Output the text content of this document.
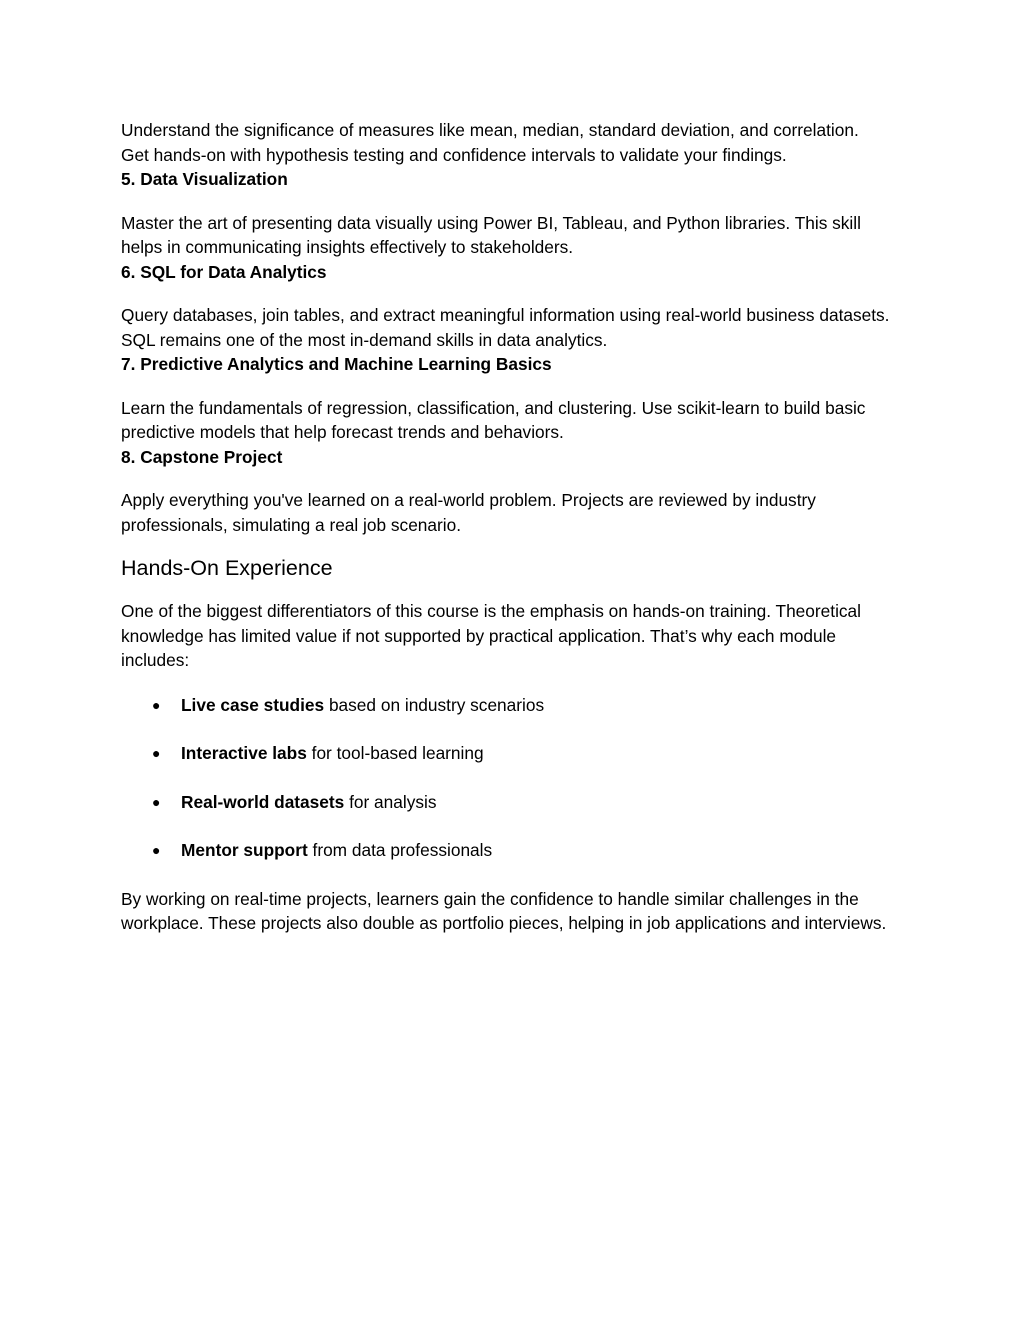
Understand the significance of measures like mean, median, standard deviation, and correlation. Get hands-on with hypothesis testing and confidence intervals to validate your findings.

5. Data Visualization

Master the art of presenting data visually using Power BI, Tableau, and Python libraries. This skill helps in communicating insights effectively to stakeholders.

6. SQL for Data Analytics

Query databases, join tables, and extract meaningful information using real-world business datasets. SQL remains one of the most in-demand skills in data analytics.

7. Predictive Analytics and Machine Learning Basics

Learn the fundamentals of regression, classification, and clustering. Use scikit-learn to build basic predictive models that help forecast trends and behaviors.

8. Capstone Project

Apply everything you've learned on a real-world problem. Projects are reviewed by industry professionals, simulating a real job scenario.

Hands-On Experience

One of the biggest differentiators of this course is the emphasis on hands-on training. Theoretical knowledge has limited value if not supported by practical application. That’s why each module includes:

● Live case studies based on industry scenarios
● Interactive labs for tool-based learning
● Real-world datasets for analysis
● Mentor support from data professionals

By working on real-time projects, learners gain the confidence to handle similar challenges in the workplace. These projects also double as portfolio pieces, helping in job applications and interviews.
